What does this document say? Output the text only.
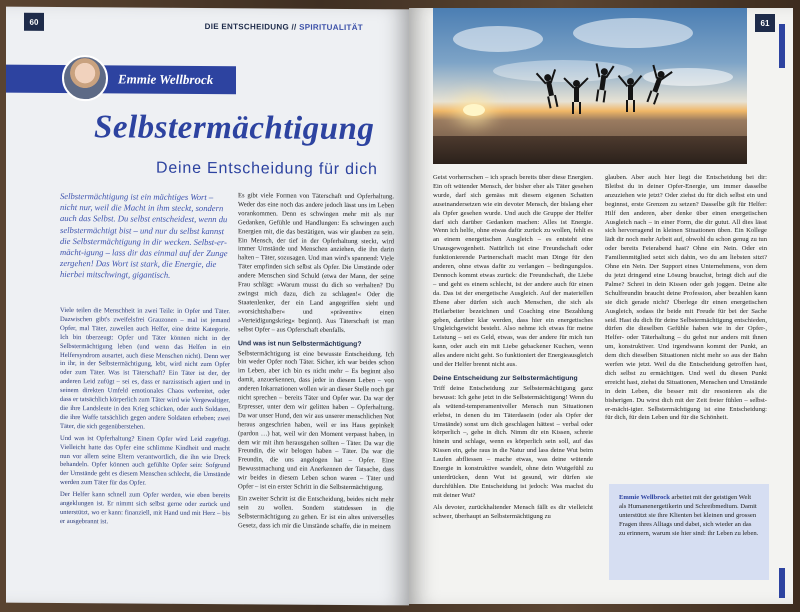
60
DIE ENTSCHEIDUNG // SPIRITUALITÄT
Emmie Wellbrock
Selbstermächtigung
Deine Entscheidung für dich
Selbstermächtigung ist ein mächtiges Wort – nicht nur, weil die Macht in ihm steckt, sondern auch das Selbst. Du selbst entscheidest, wenn du selbstermächtigt bist – und nur du selbst kannst die Selbstermächtigung in dir wecken. Selbst-er-mächt-igung – lass dir das einmal auf der Zunge zergehen! Das Wort ist stark, die Energie, die hierbei mitschwingt, gigantisch.

Viele teilen die Menschheit in zwei Teile: in Opfer und Täter. Dazwischen gibt's zweifelsfrei Grauzonen – mal ist jemand Opfer, mal Täter, zuweilen auch Helfer, eine dritte Kategorie. Ich bin überzeugt: Opfer und Täter können nicht in der Selbstermächtigung leben (und wenn das Helfen in ein Helfersyndrom ausartet, auch diese Menschen nicht). Denn wer in ihr, in der Selbstermächtigung, lebt, wird nicht zum Opfer oder zum Täter. Was ist Täterschaft? Ein Täter ist der, der anderen Leid zufügt – sei es, dass er narzisstisch agiert und in seinem direkten Umfeld emotionales Chaos verbreitet, oder dass er tatsächlich körperlich zum Täter wird wie Vergewaltiger, die ihre Landsleute in den Krieg schicken, oder auch Soldaten, die ihre Waffe tatsächlich gegen andere Soldaten erheben; zwei Täter, die sich gegenüberstehen.

Und was ist Opferhaltung? Einem Opfer wird Leid zugefügt. Vielleicht hatte das Opfer eine schlimme Kindheit und macht nun vor allem seine Eltern verantwortlich, die ihn wie Dreck behandeln. Opfer können auch gefühlte Opfer sein: Sofgrund der Umstände geht es diesem Menschen schlecht, die Umstände werden zum Täter für das Opfer.

Der Helfer kann schnell zum Opfer werden, wie eben bereits angeklungen ist. Er nimmt sich selbst gerne oder zurück und unterstützt, wo er kann: finanziell, mit Hand und mit Herz – bis er ausgebrannt ist.

Es gibt viele Formen von Täterschaft und Opferhaltung. Weder das eine noch das andere jedoch lässt uns im Leben vorankommen. Denn es schwingen mehr mit als nur Gedanken, Gefühle und Handlungen: Es schwingen auch Energien mit, die das bestätigen, was wir glauben zu sein. Ein Mensch, der tief in der Opferhaltung steckt, wird immer Umstände und Menschen anziehen, die ihn darin halten – Täter, sozusagen. Und man wird's spannend: Viele Täter empfinden sich selbst als Opfer. Die Umstände oder andere Menschen sind Schuld (etwa der Mann, der seine Frau schlägt: »Warum musst du dich so verhalten? Du zwingst mich dazu, dich zu schlagen!« Oder die Staatenlenker, der ein Land angegriffen sieht und »vorsichtshalber« und »präventiv« einen »Verteidigungskrieg« beginnt). Aus Täterschaft ist man selbst Opfer – aus Opferschaft ebenfalls.

Und was ist nun Selbstermächtigung?

Selbstermächtigung ist eine bewusste Entscheidung. Ich bin weder Opfer noch Täter. Sicher, ich war beides schon im Leben, aber ich bin es nicht mehr – Es beginnt also damit, anzuerkennen, dass jeder in diesem Leben – von anderen Inkarnationen wollen wir an dieser Stelle noch gar nicht sprechen – bereits Täter und Opfer war. Da war der Erpresser, unter dem wir gelitten haben – Opferhaltung. Da war unser Hund, den wir aus unserer menschlichen Not heraus angeschrien haben, weil er ins Haus gepinkelt (pardon …) hat, weil wir den Moment verpasst haben, in dem wir mit ihm herausgehen sollten – Täter. Da war die Freundin, die wir belogen haben – Täter. Da war die Freundin, die uns angelogen hat – Opfer. Eine Bewusstmachung und ein Anerkennen der Tatsache, dass wir beides in diesem Leben schon waren – Täter und Opfer – ist ein erster Schritt in die Selbstermächtigung.

Ein zweiter Schritt ist die Entscheidung, beides nicht mehr sein zu wollen. Sondern stattdessen in die Selbstermächtigung zu gehen. Er ist ein altes universelles Gesetz, dass ich mir die Umstände schaffe, die in meinem

61

Geist vorherrschen – ich sprach bereits über diese Energien. Ein oft wütender Mensch, der bisher eher als Täter gesehen wurde, darf sich gemäss mit diesem eigenen Schatten auseinandersetzen wie ein devoter Mensch, der bislang eher als Opfer gesehen wurde. Und auch die Gruppe der Helfer darf sich darüber Gedanken machen: Alles ist Energie. Wenn ich helfe, ohne etwas dafür zurück zu wollen, fehlt es an einem energetischen Ausgleich – es entsteht eine Unausgewogenheit. Natürlich ist eine Freundschaft oder funktionierende Partnerschaft macht man Dinge für den anderen, ohne etwas dafür zu verlangen – bedingungslos. Dennoch kommt etwas zurück: die Freundschaft, die Liebe – und geht es einem schlecht, ist der andere auch für einen da. Das ist der energetische Ausgleich. Auf der materiellen Ebene aber dürfen sich auch Menschen, die sich als Heilarbeiter bezeichnen und Coaching eine Bezahlung geben, darüber klar werden, dass hier ein energetisches Ungleichgewicht besteht. Also nehme ich etwas für meine Leistung – sei es Geld, etwas, was der andere für mich tun kann, oder auch ein mit Liebe gebackener Kuchen, wenn alles andere nicht geht. So funktioniert der Energieausgleich und der Helfer brennt nicht aus.

Deine Entscheidung zur Selbstermächtigung

Triff deine Entscheidung zur Selbstermächtigung ganz bewusst: Ich gehe jetzt in die Selbstermächtigung! Wenn du als wütend-temperamentvoller Mensch nun Situationen erlebst, in denen du im Täterdasein (oder als Opfer der Umstände) sonst um dich geschlagen hättest – verbal oder körperlich –, gehe in dich. Nimm dir ein Kissen, schreie hinein und schlage, wenn es körperlich sein soll, auf das Kissen ein, gehe raus in die Natur und lass deine Wut beim Laufen abfliessen – mache etwas, was deine wütende Energie in konstruktive wandelt, ohne dein Wutgefühl zu unterdrücken, denn Wut ist gesund, wir dürfen sie durchfühlen. Die Entscheidung ist jedoch: Was machst du mit deiner Wut?

Als devoter, zurückhaltender Mensch fällt es dir vielleicht schwer, überhaupt an Selbstermächtigung zu

glauben. Aber auch hier liegt die Entscheidung bei dir: Bleibst du in deiner Opfer-Energie, um immer dasselbe anzuziehen wie jetzt? Oder ziehst du für dich selbst ein und beginnst, erste Grenzen zu setzen? Dasselbe gilt für Helfer: Hilf den anderen, aber denke über einen energetischen Ausgleich nach – in einer Form, die dir gutut. All dies lässt sich hervorragend in kleinen Situationen üben. Ein Kollege lädt dir noch mehr Arbeit auf, obwohl du schon genug zu tun oder bereits Feierabend hast? Ohne ein Nein. Oder ein Familienmitglied setzt sich dahin, wo du am liebsten sitzt? Ohne ein Nein. Der Support eines Unternehmens, von dem du jetzt dringend eine Lösung brauchst, bringt dich auf die Palme? Schrei in dein Kissen oder geh joggen. Deine alte Schulfreundin braucht deine Profession, aber bezahlen kann sie dich gerade nicht? Überlege dir einen energetischen Ausgleich, sodass ihr beide mit Freude für bei der Sache seid. Hast du dich für deine Selbstermächtigung entschieden, dürfen die dieselben Gefühle haben wie in der Opfer-, Helfer- oder Täterhaltung – du gehst nur anders mit ihnen um, konstruktiver. Und irgendwann kommt der Punkt, an dem dich dieselben Situationen nicht mehr so aus der Bahn werfen wie jetzt. Weil du die Entscheidung getroffen hast, dich selbst zu ermächtigen. Und weil du diesen Punkt erreicht hast, ziehst du Situationen, Menschen und Umstände in dein Leben, die besser mit dir resonieren als die bisherigen. Du wirst dich mit der Zeit freier fühlen – selbst-er-mächt-igter. Selbstermächtigung ist eine Entscheidung: für dich, für dein Leben und für die Schönheit.

Emmie Wellbrock arbeitet mit der geistigen Welt als Humanenergetikerin und Schreibmedium. Damit unterstützt sie ihre Klienten bei kleinen und grossen Fragen ihres Alltags und dabei, sich wieder an das zu erinnern, warum sie hier sind: ihr Leben zu leben.
